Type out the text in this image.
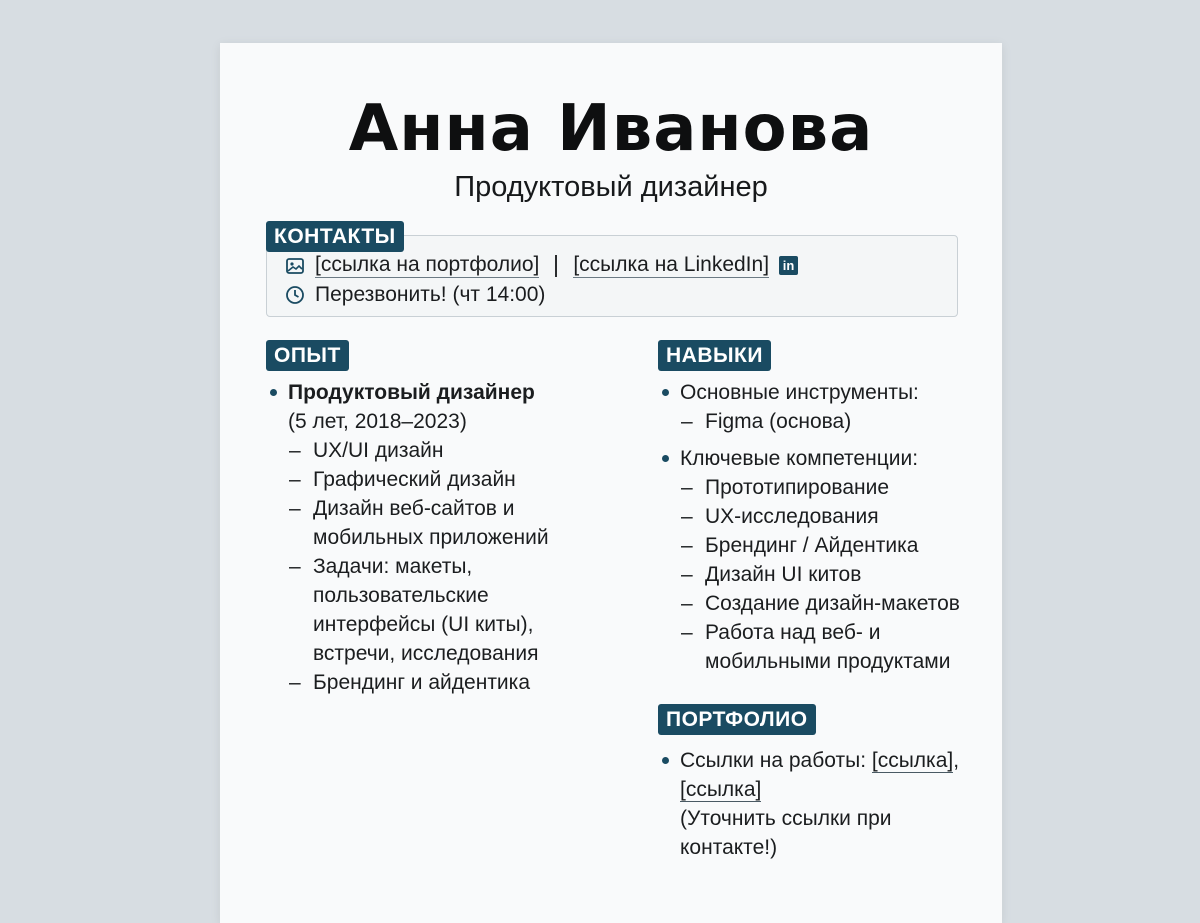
Анна Иванова
Продуктовый дизайнер
[ссылка на портфолио] [ссылка на LinkedIn] in
Перезвонить! (чт 14:00)
КОНТАКТЫ
ОПЫТ
Продуктовый дизайнер
(5 лет, 2018–2023)
– UX/UI дизайн
– Графический дизайн
– Дизайн веб-сайтов и
мобильных приложений
– Задачи: макеты,
пользовательские
интерфейсы (UI киты),
встречи, исследования
– Брендинг и айдентика
НАВЫКИ
Основные инструменты:
– Figma (основа)
Ключевые компетенции:
– Прототипирование
– UX-исследования
– Брендинг / Айдентика
– Дизайн UI китов
– Создание дизайн-макетов
– Работа над веб- и
мобильными продуктами
ПОРТФОЛИО
Ссылки на работы: [ссылка],
[ссылка]
(Уточнить ссылки при
контакте!)
